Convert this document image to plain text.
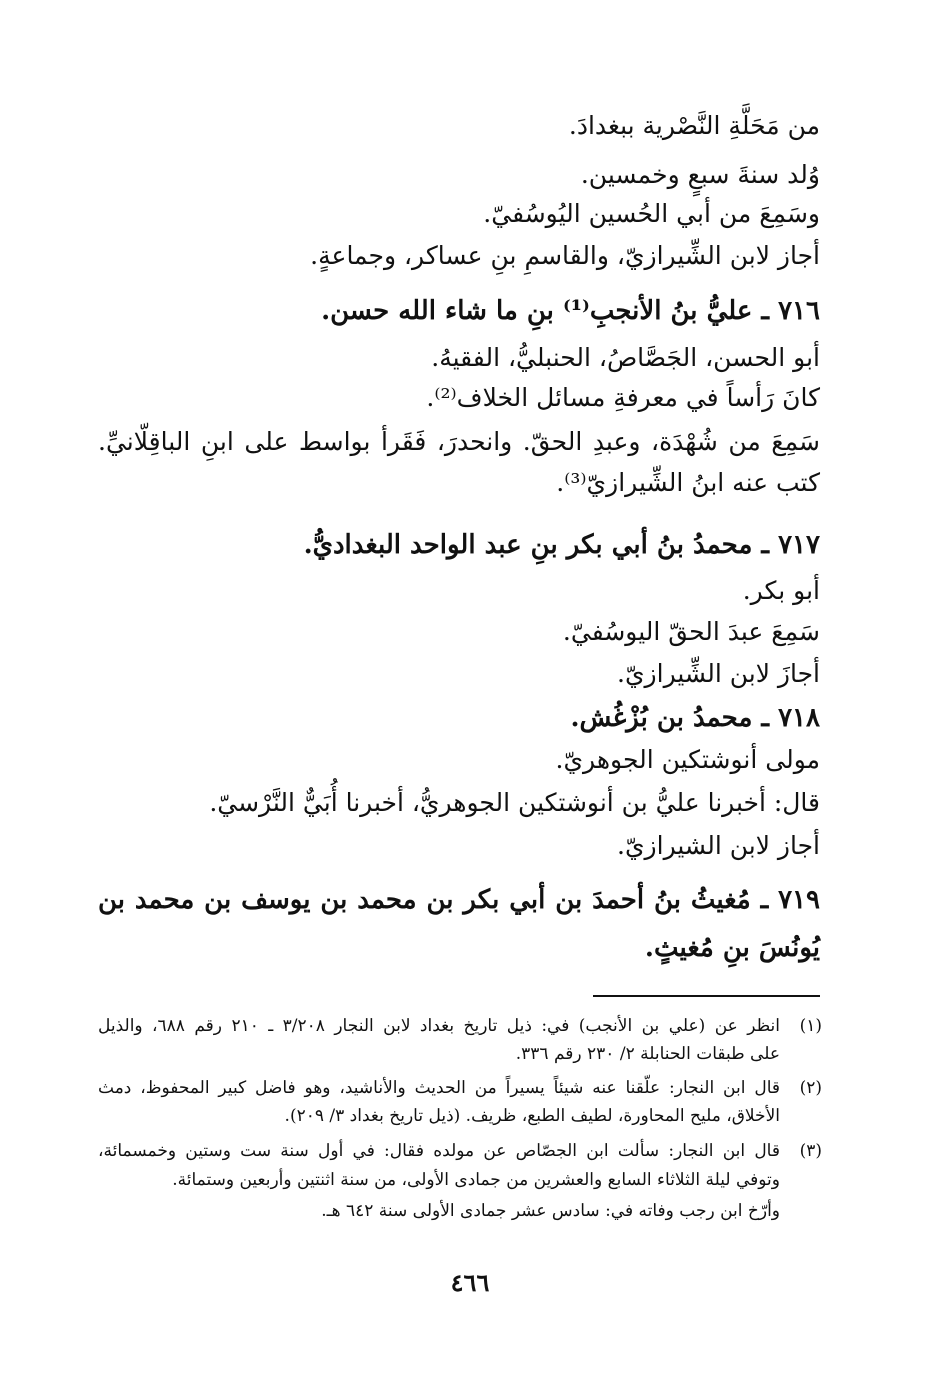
من مَحَلَّةِ النَّصْرية ببغدادَ.
وُلد سنةَ سبعٍ وخمسين.
وسَمِعَ من أبي الحُسين اليُوسُفيّ.
أجاز لابن الشِّيرازيّ، والقاسمِ بنِ عساكر، وجماعةٍ.
٧١٦ ـ عليُّ بنُ الأنجبِ⁽¹⁾ بنِ ما شاء الله حسن.
أبو الحسن، الجَصَّاصُ، الحنبليُّ، الفقيهُ.
كانَ رَأساً في معرفةِ مسائل الخلاف⁽²⁾.
سَمِعَ من شُهْدَة، وعبدِ الحقّ. وانحدرَ، فَقَرأ بواسط على ابنِ الباقِلّانيِّ.
كتب عنه ابنُ الشِّيرازيّ⁽³⁾.
٧١٧ ـ محمدُ بنُ أبي بكر بنِ عبد الواحد البغداديُّ.
أبو بكر.
سَمِعَ عبدَ الحقّ اليوسُفيّ.
أجازَ لابن الشِّيرازيّ.
٧١٨ ـ محمدُ بن بُزْغُش.
مولى أنوشتكين الجوهريّ.
قال: أخبرنا عليُّ بن أنوشتكين الجوهريُّ، أخبرنا أُبَيٌّ النَّرْسيّ.
أجاز لابن الشيرازيّ.
٧١٩ ـ مُغيثُ بنُ أحمدَ بن أبي بكر بن محمد بن يوسف بن محمد بن
يُونُسَ بنِ مُغيثٍ.
(١)
انظر عن (علي بن الأنجب) في: ذيل تاريخ بغداد لابن النجار ٣/٢٠٨ ـ ٢١٠ رقم ٦٨٨، والذيل
على طبقات الحنابلة ٢/ ٢٣٠ رقم ٣٣٦.
(٢)
قال ابن النجار: علّقنا عنه شيئاً يسيراً من الحديث والأناشيد، وهو فاضل كبير المحفوظ، دمث
الأخلاق، مليح المحاورة، لطيف الطبع، ظريف. (ذيل تاريخ بغداد ٣/ ٢٠٩).
(٣)
قال ابن النجار: سألت ابن الجصّاص عن مولده فقال: في أول سنة ست وستين وخمسمائة،
وتوفي ليلة الثلاثاء السابع والعشرين من جمادى الأولى، من سنة اثنتين وأربعين وستمائة.
وأرّخ ابن رجب وفاته في: سادس عشر جمادى الأولى سنة ٦٤٢ هـ.
٤٦٦
